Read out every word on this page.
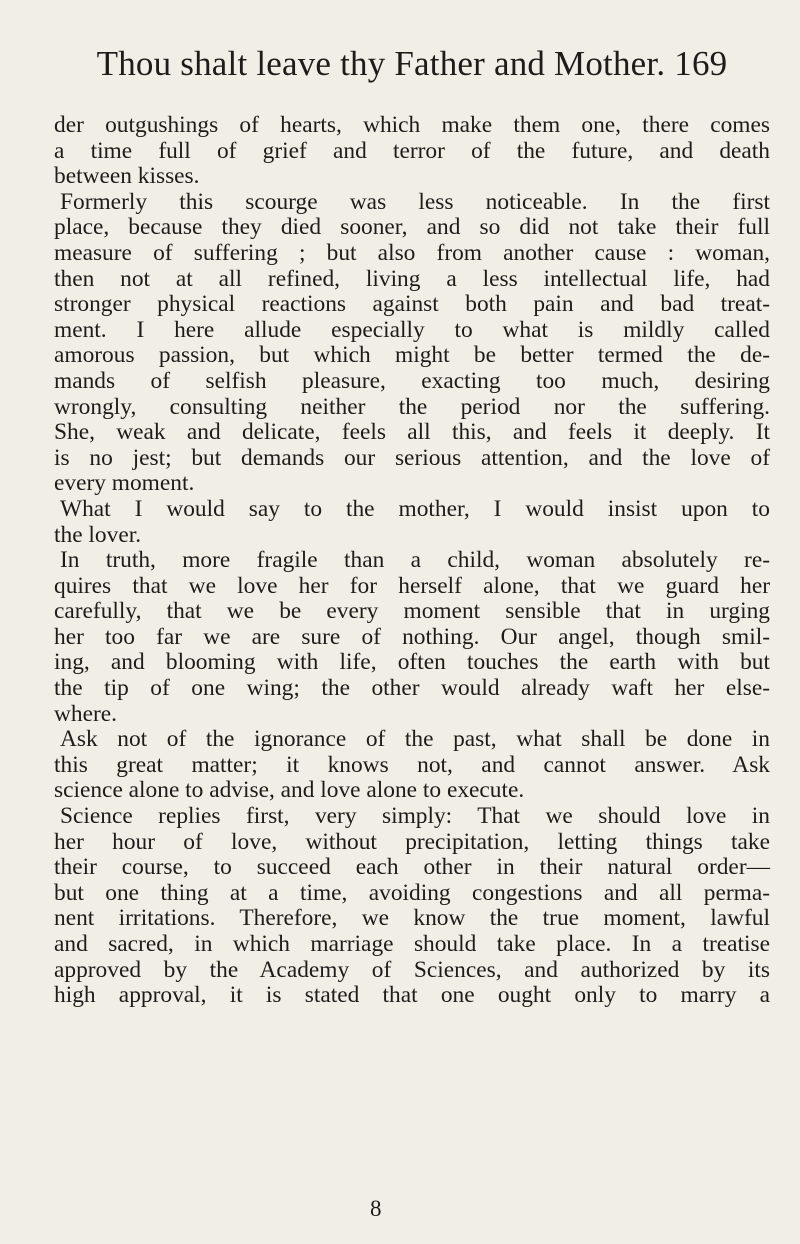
Thou shalt leave thy Father and Mother. 169
der outgushings of hearts, which make them one, there comes
a time full of grief and terror of the future, and death
between kisses.
Formerly this scourge was less noticeable. In the first
place, because they died sooner, and so did not take their full
measure of suffering ; but also from another cause : woman,
then not at all refined, living a less intellectual life, had
stronger physical reactions against both pain and bad treat-
ment. I here allude especially to what is mildly called
amorous passion, but which might be better termed the de-
mands of selfish pleasure, exacting too much, desiring
wrongly, consulting neither the period nor the suffering.
She, weak and delicate, feels all this, and feels it deeply. It
is no jest; but demands our serious attention, and the love of
every moment.
What I would say to the mother, I would insist upon to
the lover.
In truth, more fragile than a child, woman absolutely re-
quires that we love her for herself alone, that we guard her
carefully, that we be every moment sensible that in urging
her too far we are sure of nothing. Our angel, though smil-
ing, and blooming with life, often touches the earth with but
the tip of one wing; the other would already waft her else-
where.
Ask not of the ignorance of the past, what shall be done in
this great matter; it knows not, and cannot answer. Ask
science alone to advise, and love alone to execute.
Science replies first, very simply: That we should love in
her hour of love, without precipitation, letting things take
their course, to succeed each other in their natural order—
but one thing at a time, avoiding congestions and all perma-
nent irritations. Therefore, we know the true moment, lawful
and sacred, in which marriage should take place. In a treatise
approved by the Academy of Sciences, and authorized by its
high approval, it is stated that one ought only to marry a
8
